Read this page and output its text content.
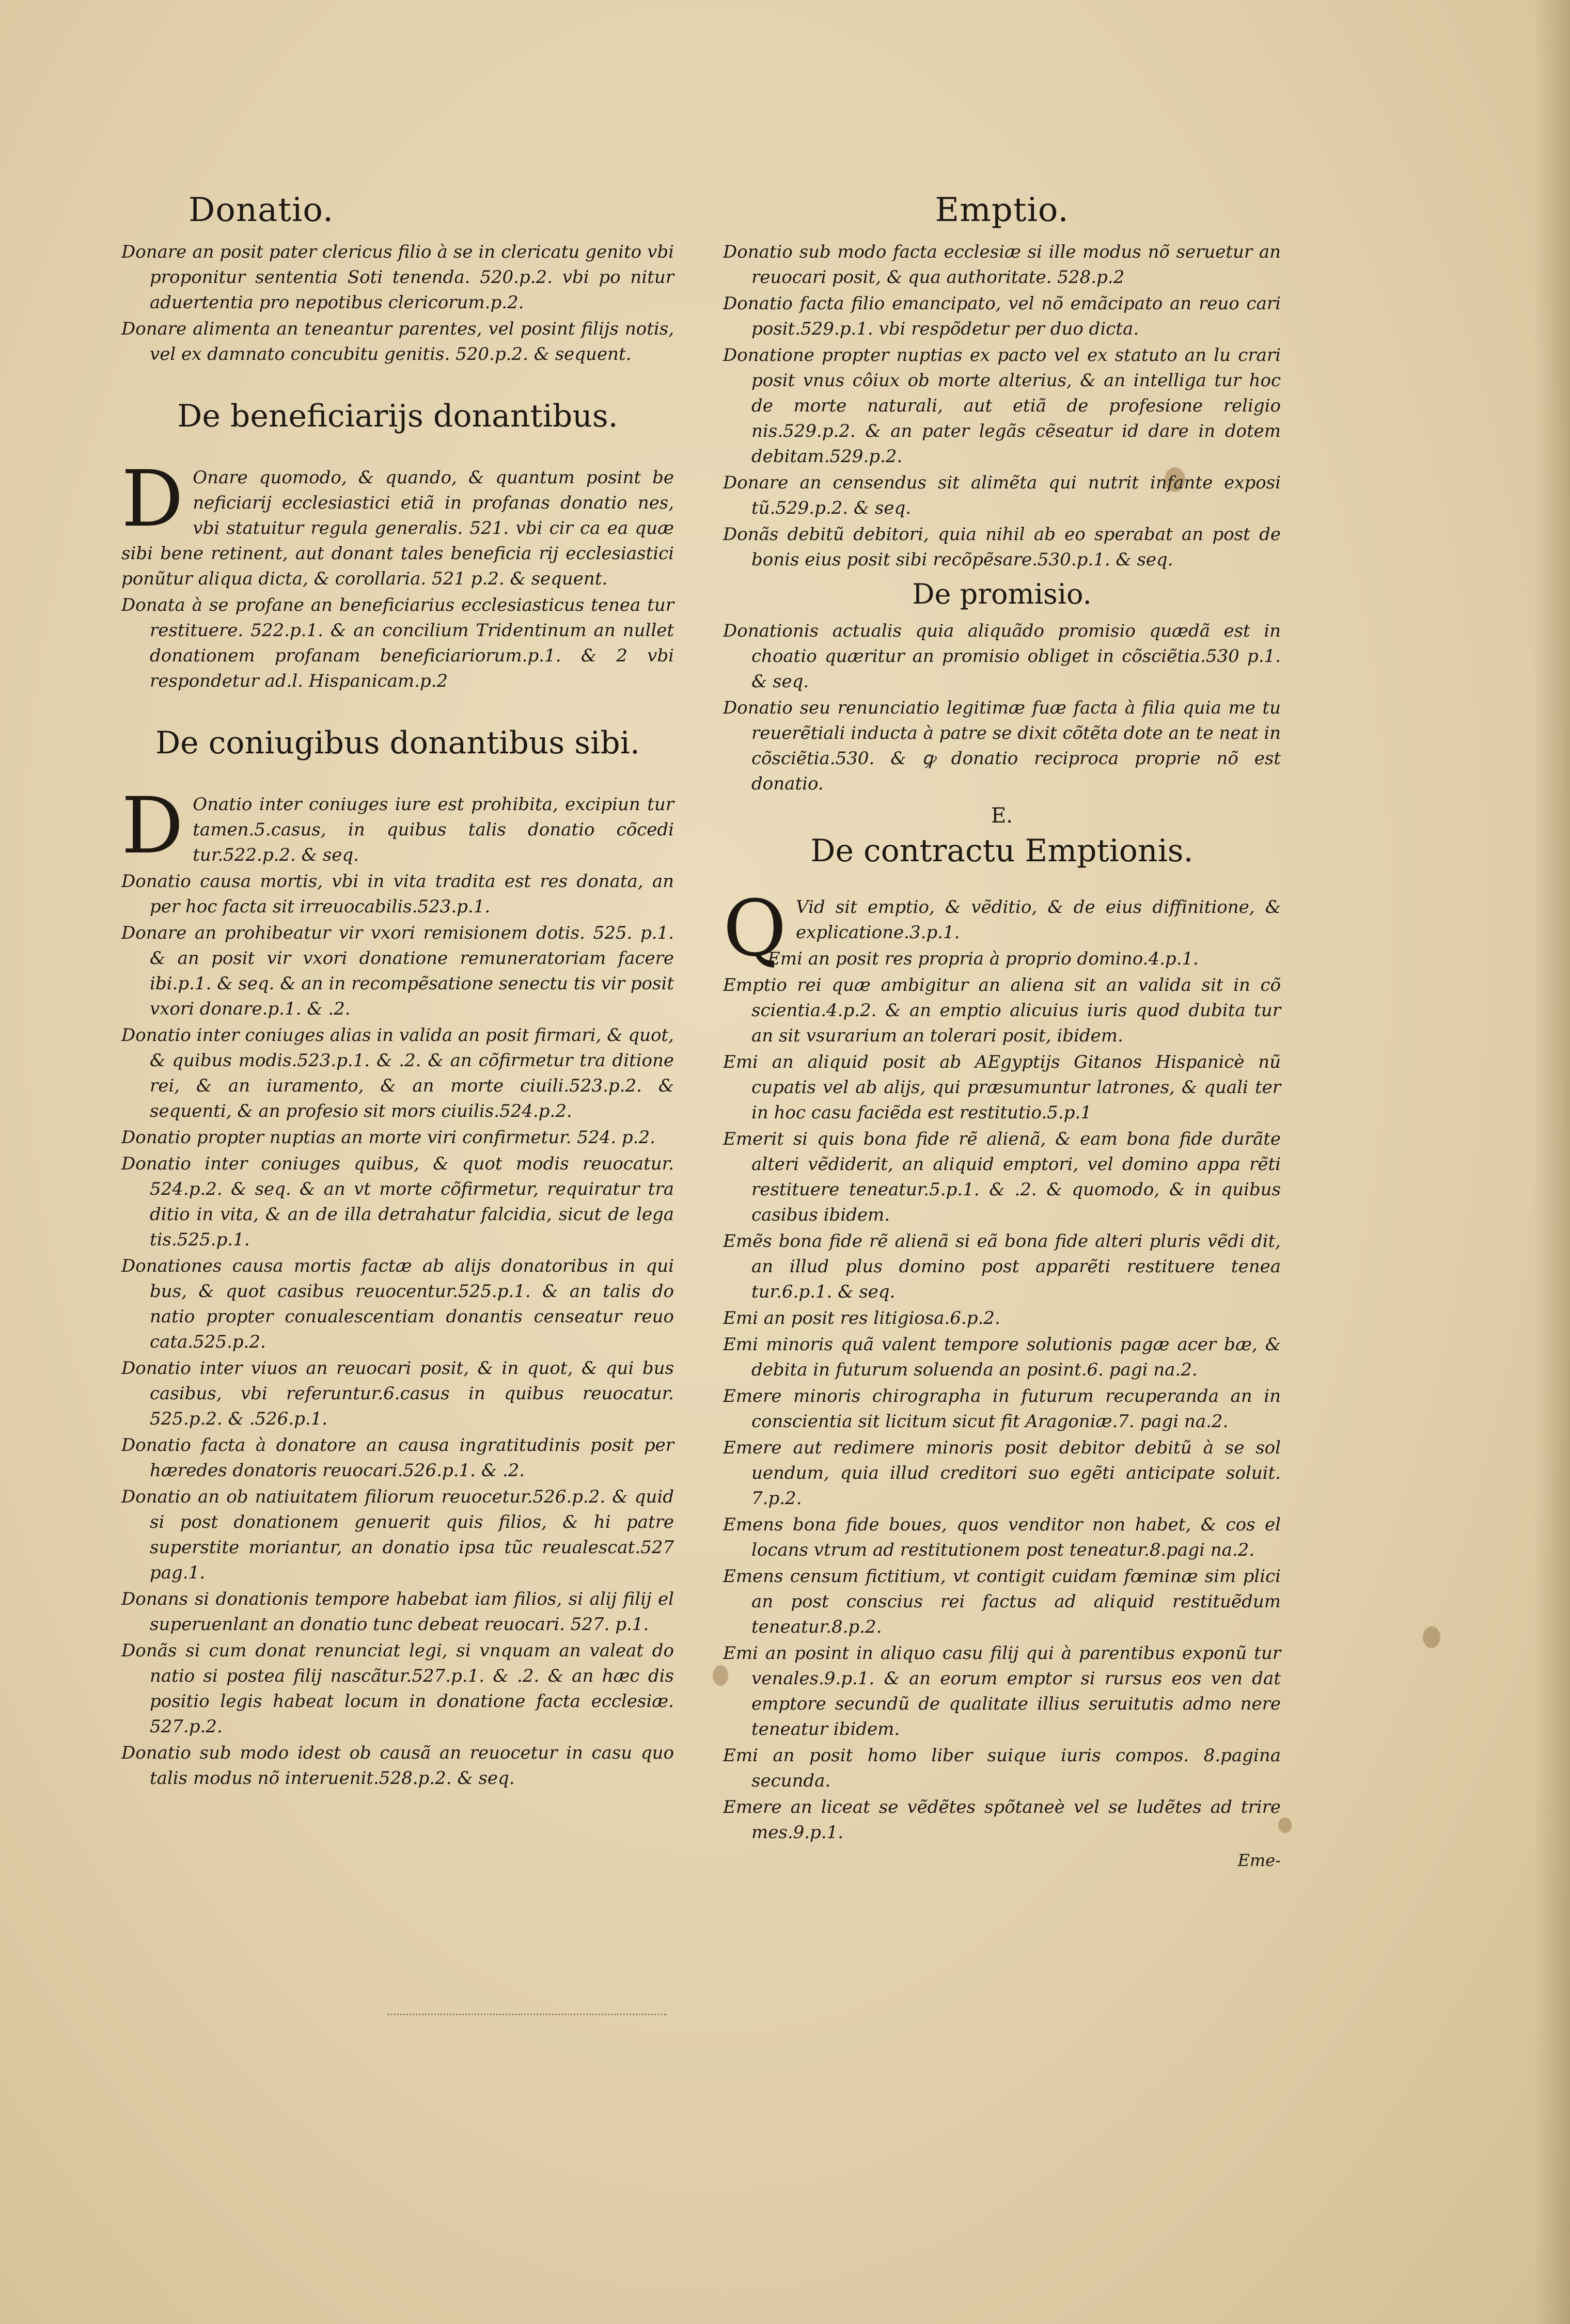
Donatio.

Donare an posit pater clericus filio à se in clericatu genito vbi proponitur sententia Soti tenenda. 520.p.2. vbi po nitur aduertentia pro nepotibus clericorum.p.2.

Donare alimenta an teneantur parentes, vel posint filijs notis, vel ex damnato concubitu genitis. 520.p.2. & sequent.

De beneficiarijs donantibus.

D Onare quomodo, & quando, & quantum posint be neficiarij ecclesiastici etiã in profanas donatio nes, vbi statuitur regula generalis. 521. vbi cir ca ea quæ sibi bene retinent, aut donant tales beneficia rij ecclesiastici ponũtur aliqua dicta, & corollaria. 521 p.2. & sequent.

Donata à se profane an beneficiarius ecclesiasticus tenea tur restituere. 522.p.1. & an concilium Tridentinum an nullet donationem profanam beneficiariorum.p.1. & 2 vbi respondetur ad.l. Hispanicam.p.2

De coniugibus donantibus sibi.

D Onatio inter coniuges iure est prohibita, excipiun tur tamen.5.casus, in quibus talis donatio cõcedi tur.522.p.2. & seq.

Donatio causa mortis, vbi in vita tradita est res donata, an per hoc facta sit irreuocabilis.523.p.1.

Donare an prohibeatur vir vxori remisionem dotis. 525. p.1. & an posit vir vxori donatione remuneratoriam facere ibi.p.1. & seq. & an in recompẽsatione senectu tis vir posit vxori donare.p.1. & .2.

Donatio inter coniuges alias in valida an posit firmari, & quot, & quibus modis.523.p.1. & .2. & an cõfirmetur tra ditione rei, & an iuramento, & an morte ciuili.523.p.2. & sequenti, & an profesio sit mors ciuilis.524.p.2.

Donatio propter nuptias an morte viri confirmetur. 524. p.2.

Donatio inter coniuges quibus, & quot modis reuocatur. 524.p.2. & seq. & an vt morte cõfirmetur, requiratur tra ditio in vita, & an de illa detrahatur falcidia, sicut de lega tis.525.p.1.

Donationes causa mortis factæ ab alijs donatoribus in qui bus, & quot casibus reuocentur.525.p.1. & an talis do natio propter conualescentiam donantis censeatur reuo cata.525.p.2.

Donatio inter viuos an reuocari posit, & in quot, & qui bus casibus, vbi referuntur.6.casus in quibus reuocatur. 525.p.2. & .526.p.1.

Donatio facta à donatore an causa ingratitudinis posit per hæredes donatoris reuocari.526.p.1. & .2.

Donatio an ob natiuitatem filiorum reuocetur.526.p.2. & quid si post donationem genuerit quis filios, & hi patre superstite moriantur, an donatio ipsa tũc reualescat.527 pag.1.

Donans si donationis tempore habebat iam filios, si alij filij el superuenlant an donatio tunc debeat reuocari. 527. p.1.

Donãs si cum donat renunciat legi, si vnquam an valeat do natio si postea filij nascãtur.527.p.1. & .2. & an hæc dis positio legis habeat locum in donatione facta ecclesiæ. 527.p.2.

Donatio sub modo idest ob causã an reuocetur in casu quo talis modus nõ interuenit.528.p.2. & seq.

Emptio.

Donatio sub modo facta ecclesiæ si ille modus nõ seruetur an reuocari posit, & qua authoritate. 528.p.2

Donatio facta filio emancipato, vel nõ emãcipato an reuo cari posit.529.p.1. vbi respõdetur per duo dicta.

Donatione propter nuptias ex pacto vel ex statuto an lu crari posit vnus côiux ob morte alterius, & an intelliga tur hoc de morte naturali, aut etiã de profesione religio nis.529.p.2. & an pater legãs cẽseatur id dare in dotem debitam.529.p.2.

Donare an censendus sit alimẽta qui nutrit infante exposi tũ.529.p.2. & seq.

Donãs debitũ debitori, quia nihil ab eo sperabat an post de bonis eius posit sibi recõpẽsare.530.p.1. & seq.

De promisio.

Donationis actualis quia aliquãdo promisio quædã est in choatio quæritur an promisio obliget in cõsciẽtia.530 p.1. & seq.

Donatio seu renunciatio legitimæ fuæ facta à filia quia me tu reuerẽtiali inducta à patre se dixit cõtẽta dote an te neat in cõsciẽtia.530. & ꝙ donatio reciproca proprie nõ est donatio.

E.
De contractu Emptionis.

Q Vid sit emptio, & vẽditio, & de eius diffinitione, & explicatione.3.p.1.

Emi an posit res propria à proprio domino.4.p.1.

Emptio rei quæ ambigitur an aliena sit an valida sit in cõ scientia.4.p.2. & an emptio alicuius iuris quod dubita tur an sit vsurarium an tolerari posit, ibidem.

Emi an aliquid posit ab AEgyptijs Gitanos Hispanicè nũ cupatis vel ab alijs, qui præsumuntur latrones, & quali ter in hoc casu faciẽda est restitutio.5.p.1

Emerit si quis bona fide rẽ alienã, & eam bona fide durãte alteri vẽdiderit, an aliquid emptori, vel domino appa rẽti restituere teneatur.5.p.1. & .2. & quomodo, & in quibus casibus ibidem.

Emẽs bona fide rẽ alienã si eã bona fide alteri pluris vẽdi dit, an illud plus domino post apparẽti restituere tenea tur.6.p.1. & seq.

Emi an posit res litigiosa.6.p.2.

Emi minoris quã valent tempore solutionis pagæ acer bæ, & debita in futurum soluenda an posint.6. pagi na.2.

Emere minoris chirographa in futurum recuperanda an in conscientia sit licitum sicut fit Aragoniæ.7. pagi na.2.

Emere aut redimere minoris posit debitor debitũ à se sol uendum, quia illud creditori suo egẽti anticipate soluit. 7.p.2.

Emens bona fide boues, quos venditor non habet, & cos el locans vtrum ad restitutionem post teneatur.8.pagi na.2.

Emens censum fictitium, vt contigit cuidam fœminæ sim plici an post conscius rei factus ad aliquid restituẽdum teneatur.8.p.2.

Emi an posint in aliquo casu filij qui à parentibus exponũ tur venales.9.p.1. & an eorum emptor si rursus eos ven dat emptore secundũ de qualitate illius seruitutis admo nere teneatur ibidem.

Emi an posit homo liber suique iuris compos. 8.pagina secunda.

Emere an liceat se vẽdẽtes spõtaneè vel se ludẽtes ad trire mes.9.p.1.

Eme-
